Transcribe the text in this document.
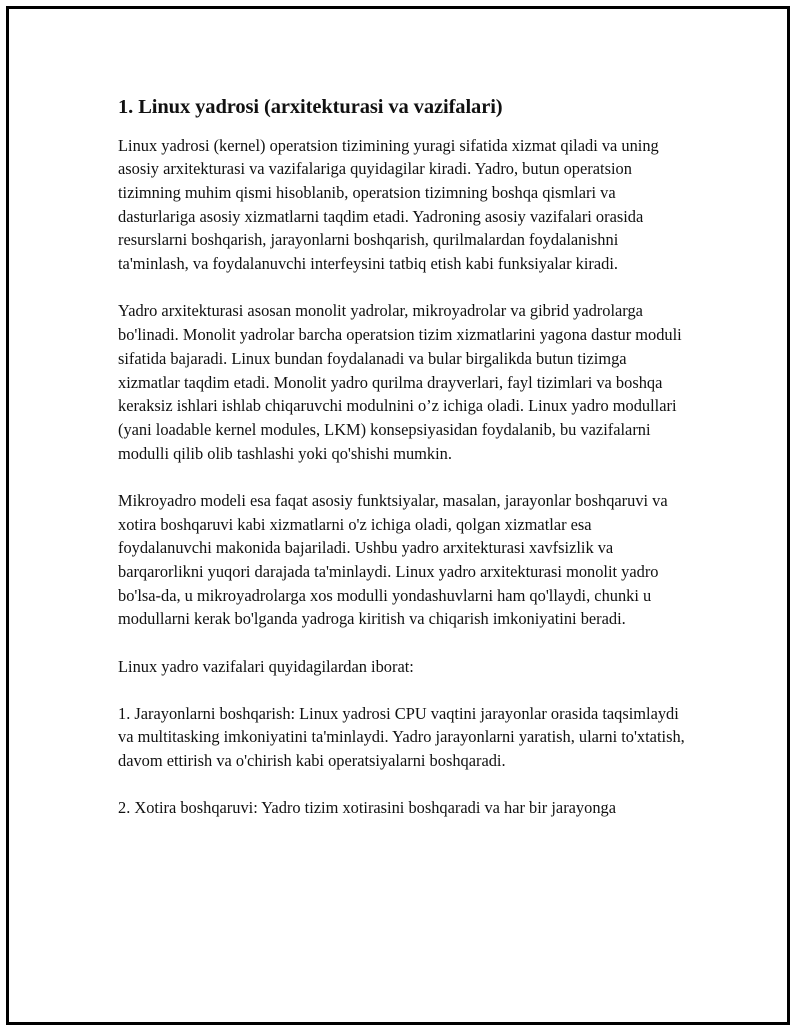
1. Linux yadrosi (arxitekturasi va vazifalari)

Linux yadrosi (kernel) operatsion tizimining yuragi sifatida xizmat qiladi va uning asosiy arxitekturasi va vazifalariga quyidagilar kiradi. Yadro, butun operatsion tizimning muhim qismi hisoblanib, operatsion tizimning boshqa qismlari va dasturlariga asosiy xizmatlarni taqdim etadi. Yadroning asosiy vazifalari orasida resurslarni boshqarish, jarayonlarni boshqarish, qurilmalardan foydalanishni ta'minlash, va foydalanuvchi interfeysini tatbiq etish kabi funksiyalar kiradi.

Yadro arxitekturasi asosan monolit yadrolar, mikroyadrolar va gibrid yadrolarga bo'linadi. Monolit yadrolar barcha operatsion tizim xizmatlarini yagona dastur moduli sifatida bajaradi. Linux bundan foydalanadi va bular birgalikda butun tizimga xizmatlar taqdim etadi. Monolit yadro qurilma drayverlari, fayl tizimlari va boshqa keraksiz ishlari ishlab chiqaruvchi modulnini o’z ichiga oladi. Linux yadro modullari (yani loadable kernel modules, LKM) konsepsiyasidan foydalanib, bu vazifalarni modulli qilib olib tashlashi yoki qo'shishi mumkin.

Mikroyadro modeli esa faqat asosiy funktsiyalar, masalan, jarayonlar boshqaruvi va xotira boshqaruvi kabi xizmatlarni o'z ichiga oladi, qolgan xizmatlar esa foydalanuvchi makonida bajariladi. Ushbu yadro arxitekturasi xavfsizlik va barqarorlikni yuqori darajada ta'minlaydi. Linux yadro arxitekturasi monolit yadro bo'lsa-da, u mikroyadrolarga xos modulli yondashuvlarni ham qo'llaydi, chunki u modullarni kerak bo'lganda yadroga kiritish va chiqarish imkoniyatini beradi.

Linux yadro vazifalari quyidagilardan iborat:

1. Jarayonlarni boshqarish: Linux yadrosi CPU vaqtini jarayonlar orasida taqsimlaydi va multitasking imkoniyatini ta'minlaydi. Yadro jarayonlarni yaratish, ularni to'xtatish, davom ettirish va o'chirish kabi operatsiyalarni boshqaradi.

2. Xotira boshqaruvi: Yadro tizim xotirasini boshqaradi va har bir jarayonga
